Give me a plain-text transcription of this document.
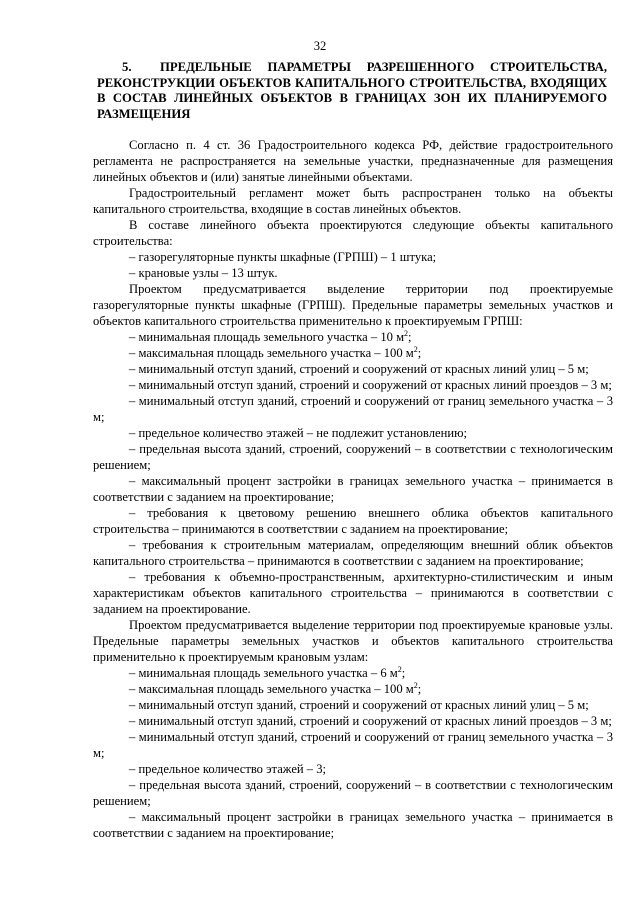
32
5. ПРЕДЕЛЬНЫЕ ПАРАМЕТРЫ РАЗРЕШЕННОГО СТРОИТЕЛЬСТВА, РЕКОНСТРУКЦИИ ОБЪЕКТОВ КАПИТАЛЬНОГО СТРОИТЕЛЬСТВА, ВХОДЯЩИХ В СОСТАВ ЛИНЕЙНЫХ ОБЪЕКТОВ В ГРАНИЦАХ ЗОН ИХ ПЛАНИРУЕМОГО РАЗМЕЩЕНИЯ

Согласно п. 4 ст. 36 Градостроительного кодекса РФ, действие градостроительного регламента не распространяется на земельные участки, предназначенные для размещения линейных объектов и (или) занятые линейными объектами.

Градостроительный регламент может быть распространен только на объекты капитального строительства, входящие в состав линейных объектов.

В составе линейного объекта проектируются следующие объекты капитального строительства:

– газорегуляторные пункты шкафные (ГРПШ) – 1 штука;

– крановые узлы – 13 штук.

Проектом предусматривается выделение территории под проектируемые газорегуляторные пункты шкафные (ГРПШ). Предельные параметры земельных участков и объектов капитального строительства применительно к проектируемым ГРПШ:

– минимальная площадь земельного участка – 10 $м^2$;

– максимальная площадь земельного участка – 100 $м^2$;

– минимальный отступ зданий, строений и сооружений от красных линий улиц – 5 м;

– минимальный отступ зданий, строений и сооружений от красных линий проездов – 3 м;

– минимальный отступ зданий, строений и сооружений от границ земельного участка – 3 м;

– предельное количество этажей – не подлежит установлению;

– предельная высота зданий, строений, сооружений – в соответствии с технологическим решением;

– максимальный процент застройки в границах земельного участка – принимается в соответствии с заданием на проектирование;

– требования к цветовому решению внешнего облика объектов капитального строительства – принимаются в соответствии с заданием на проектирование;

– требования к строительным материалам, определяющим внешний облик объектов капитального строительства – принимаются в соответствии с заданием на проектирование;

– требования к объемно-пространственным, архитектурно-стилистическим и иным характеристикам объектов капитального строительства – принимаются в соответствии с заданием на проектирование.

Проектом предусматривается выделение территории под проектируемые крановые узлы. Предельные параметры земельных участков и объектов капитального строительства применительно к проектируемым крановым узлам:

– минимальная площадь земельного участка – 6 $м^2$;

– максимальная площадь земельного участка – 100 $м^2$;

– минимальный отступ зданий, строений и сооружений от красных линий улиц – 5 м;

– минимальный отступ зданий, строений и сооружений от красных линий проездов – 3 м;

– минимальный отступ зданий, строений и сооружений от границ земельного участка – 3 м;

– предельное количество этажей – 3;

– предельная высота зданий, строений, сооружений – в соответствии с технологическим решением;

– максимальный процент застройки в границах земельного участка – принимается в соответствии с заданием на проектирование;
